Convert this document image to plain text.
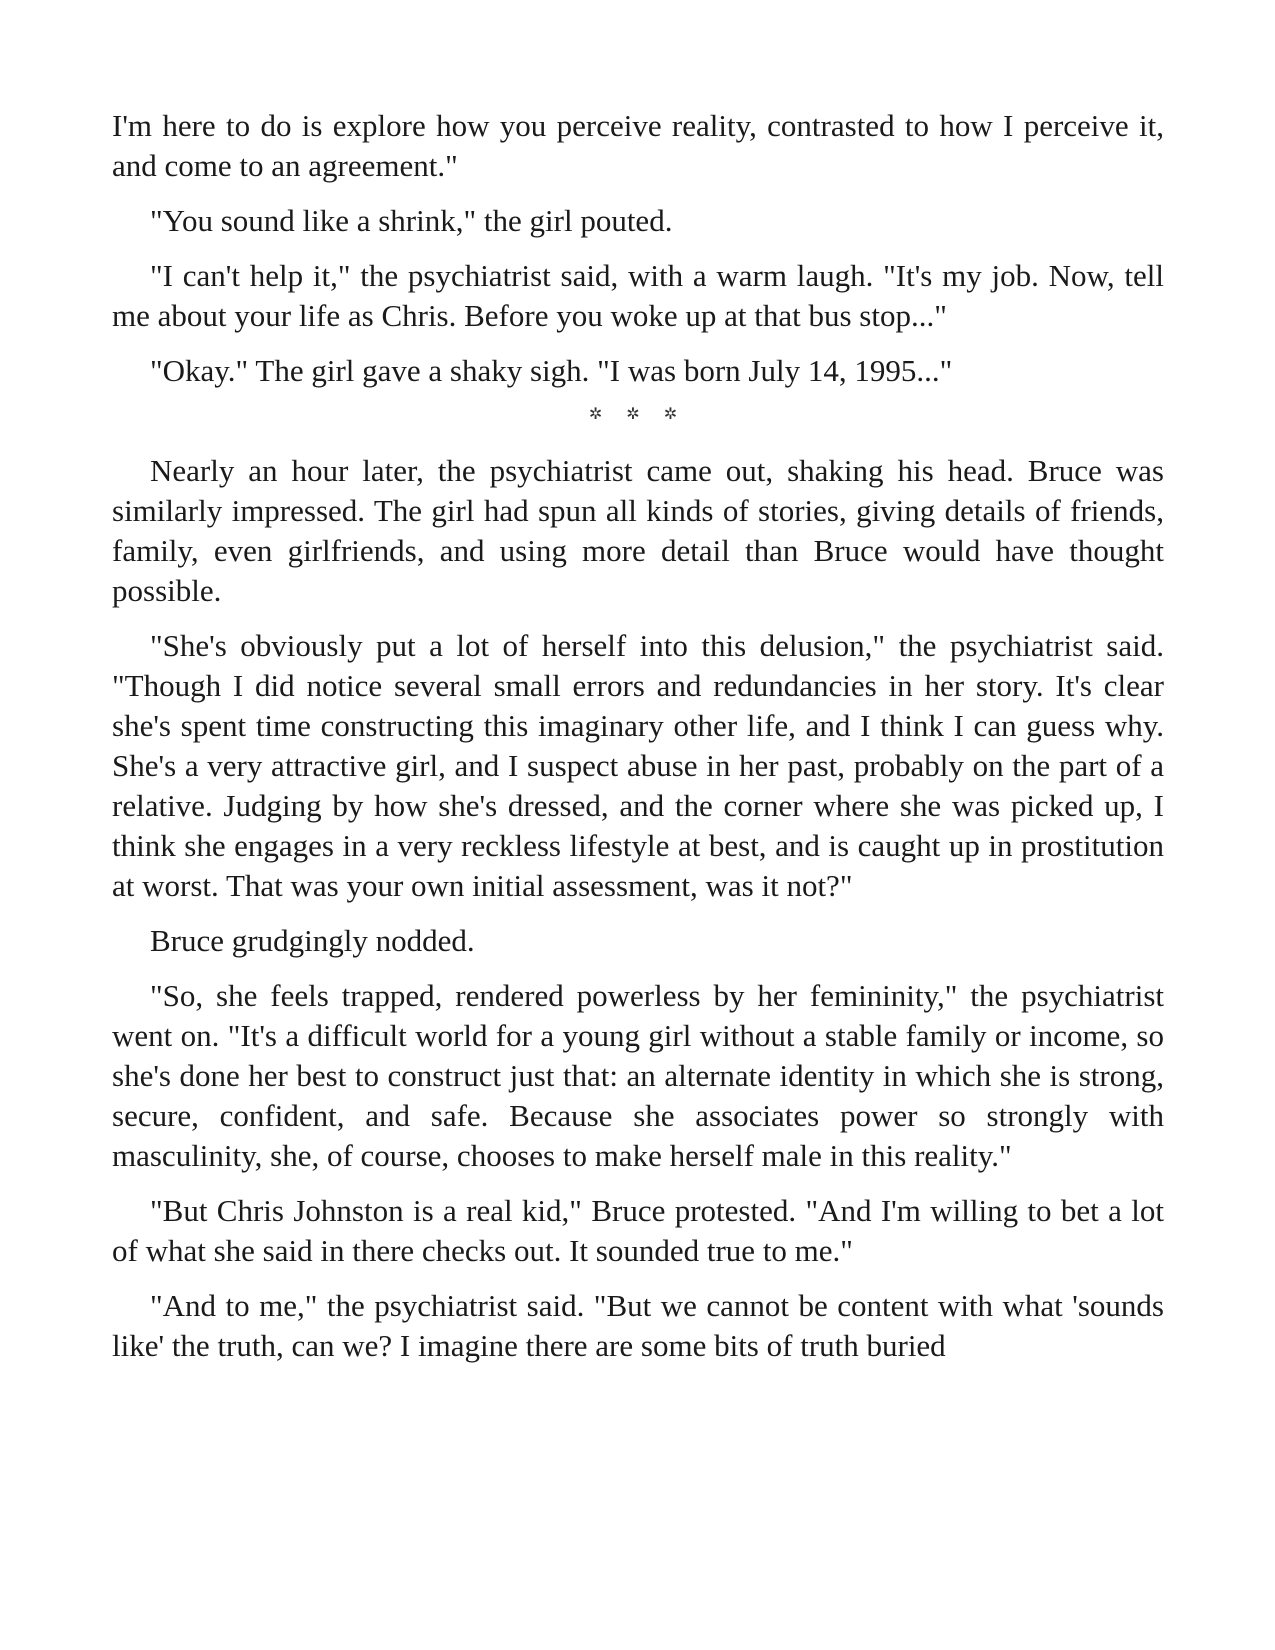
I'm here to do is explore how you perceive reality, contrasted to how I perceive it, and come to an agreement."

"You sound like a shrink," the girl pouted.

"I can't help it," the psychiatrist said, with a warm laugh. "It's my job. Now, tell me about your life as Chris. Before you woke up at that bus stop..."

"Okay." The girl gave a shaky sigh. "I was born July 14, 1995..."

✲ ✲ ✲

Nearly an hour later, the psychiatrist came out, shaking his head. Bruce was similarly impressed. The girl had spun all kinds of stories, giving details of friends, family, even girlfriends, and using more detail than Bruce would have thought possible.

"She's obviously put a lot of herself into this delusion," the psychiatrist said. "Though I did notice several small errors and redundancies in her story. It's clear she's spent time constructing this imaginary other life, and I think I can guess why. She's a very attractive girl, and I suspect abuse in her past, probably on the part of a relative. Judging by how she's dressed, and the corner where she was picked up, I think she engages in a very reckless lifestyle at best, and is caught up in prostitution at worst. That was your own initial assessment, was it not?"

Bruce grudgingly nodded.

"So, she feels trapped, rendered powerless by her femininity," the psychiatrist went on. "It's a difficult world for a young girl without a stable family or income, so she's done her best to construct just that: an alternate identity in which she is strong, secure, confident, and safe. Because she associates power so strongly with masculinity, she, of course, chooses to make herself male in this reality."

"But Chris Johnston is a real kid," Bruce protested. "And I'm willing to bet a lot of what she said in there checks out. It sounded true to me."

"And to me," the psychiatrist said. "But we cannot be content with what 'sounds like' the truth, can we? I imagine there are some bits of truth buried
